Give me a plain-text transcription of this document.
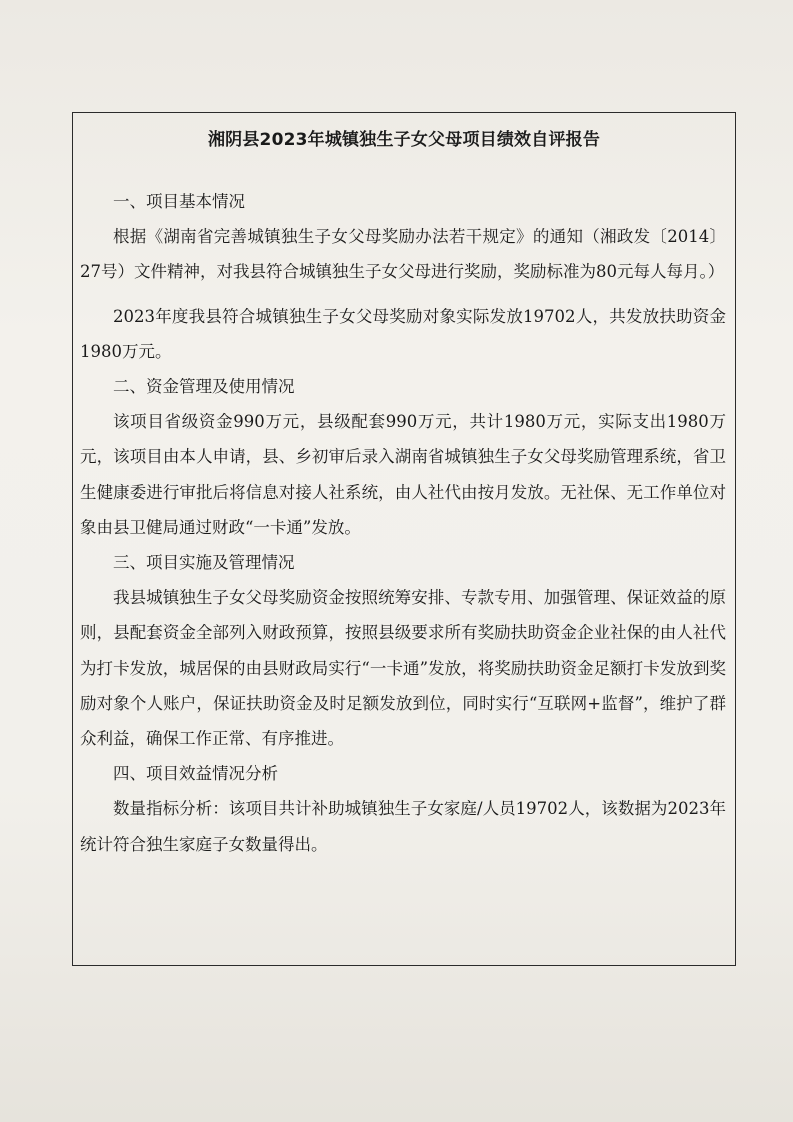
湘阴县2023年城镇独生子女父母项目绩效自评报告

一、项目基本情况

根据《湖南省完善城镇独生子女父母奖励办法若干规定》的通知（湘政发〔2014〕27号）文件精神，对我县符合城镇独生子女父母进行奖励，奖励标准为80元每人每月。）

2023年度我县符合城镇独生子女父母奖励对象实际发放19702人，共发放扶助资金1980万元。

二、资金管理及使用情况

该项目省级资金990万元，县级配套990万元，共计1980万元，实际支出1980万元，该项目由本人申请，县、乡初审后录入湖南省城镇独生子女父母奖励管理系统，省卫生健康委进行审批后将信息对接人社系统，由人社代由按月发放。无社保、无工作单位对象由县卫健局通过财政“一卡通”发放。

三、项目实施及管理情况

我县城镇独生子女父母奖励资金按照统筹安排、专款专用、加强管理、保证效益的原则，县配套资金全部列入财政预算，按照县级要求所有奖励扶助资金企业社保的由人社代为打卡发放，城居保的由县财政局实行“一卡通”发放，将奖励扶助资金足额打卡发放到奖励对象个人账户，保证扶助资金及时足额发放到位，同时实行“互联网+监督”，维护了群众利益，确保工作正常、有序推进。

四、项目效益情况分析

数量指标分析：该项目共计补助城镇独生子女家庭/人员19702人，该数据为2023年统计符合独生家庭子女数量得出。
